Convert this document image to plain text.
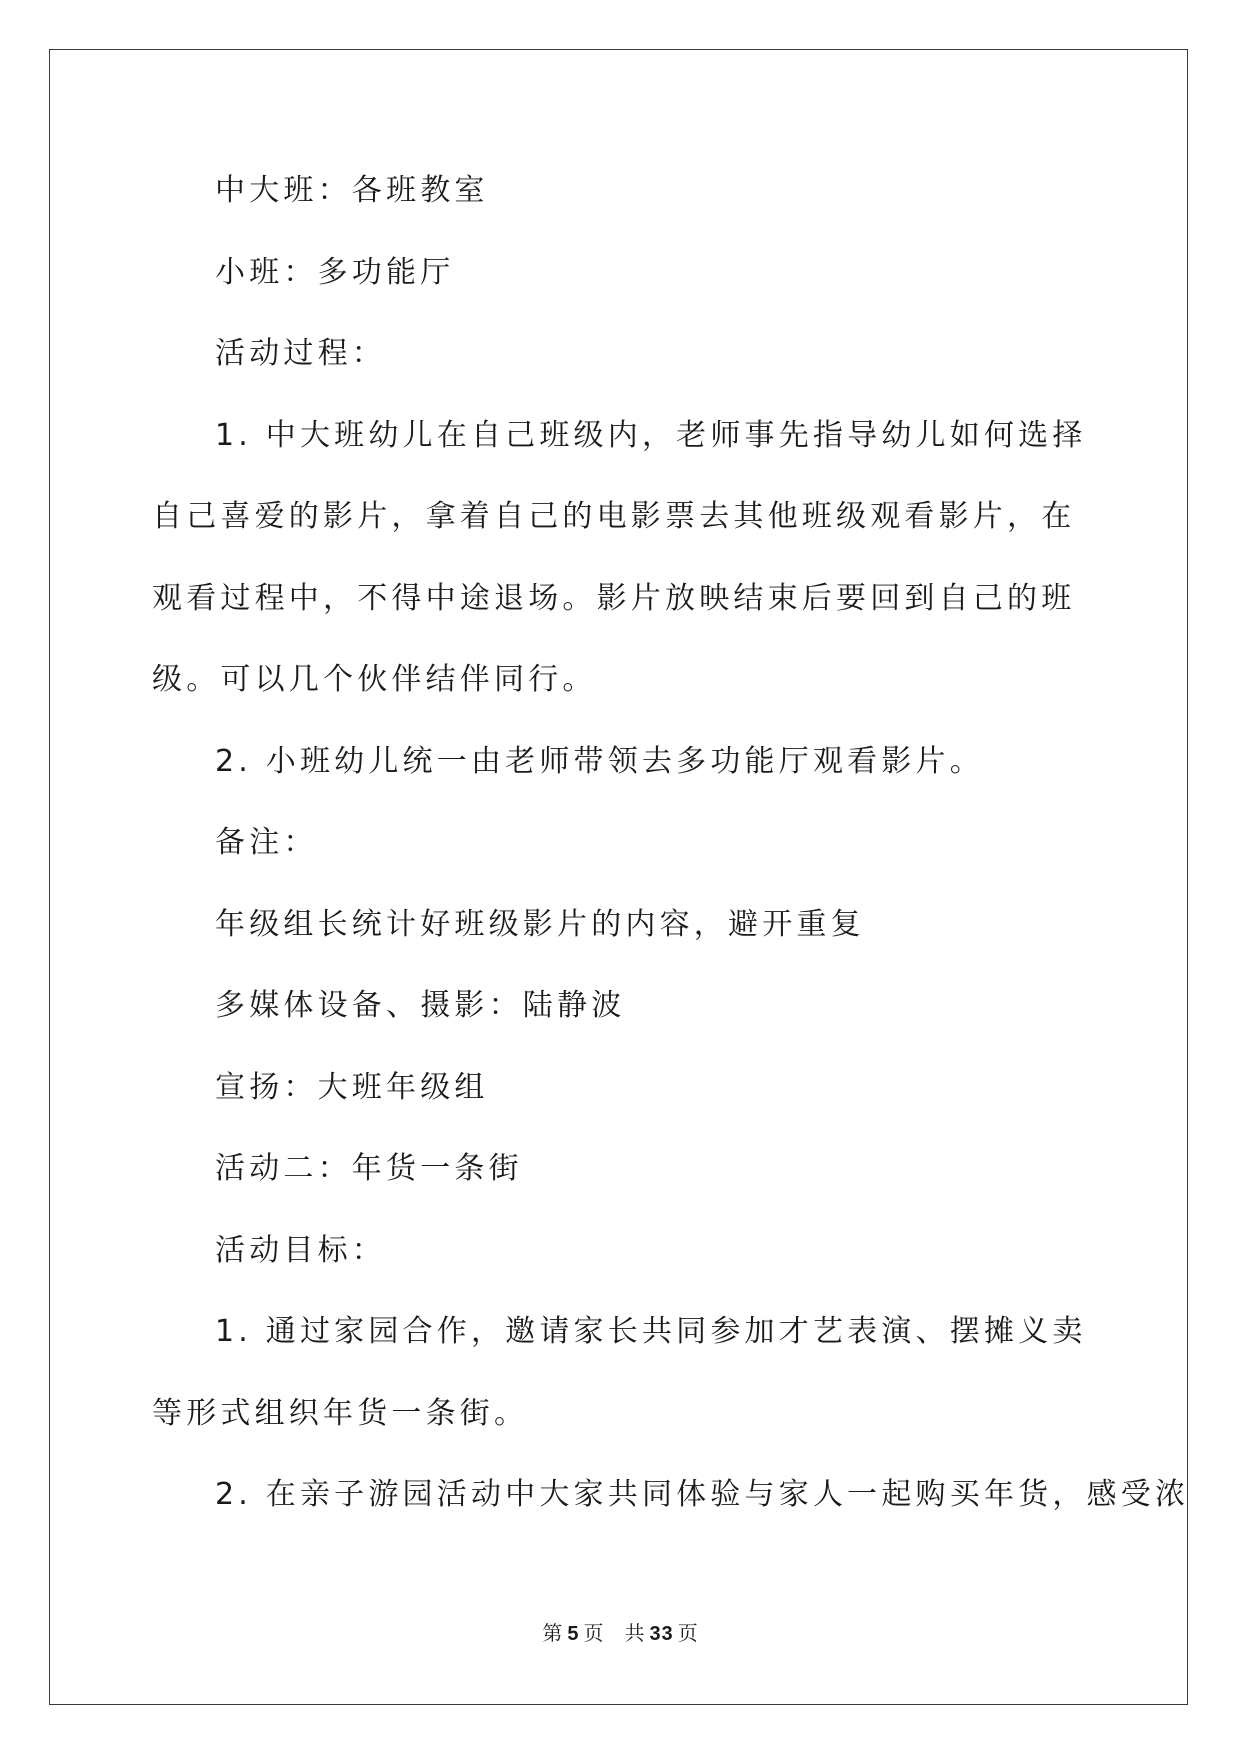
中大班：各班教室

小班：多功能厅

活动过程：

1. 中大班幼儿在自己班级内，老师事先指导幼儿如何选择自己喜爱的影片，拿着自己的电影票去其他班级观看影片，在观看过程中，不得中途退场。影片放映结束后要回到自己的班级。可以几个伙伴结伴同行。

2. 小班幼儿统一由老师带领去多功能厅观看影片。

备注：

年级组长统计好班级影片的内容，避开重复

多媒体设备、摄影：陆静波

宣扬：大班年级组

活动二：年货一条街

活动目标：

1. 通过家园合作，邀请家长共同参加才艺表演、摆摊义卖等形式组织年货一条街。

2. 在亲子游园活动中大家共同体验与家人一起购买年货，感受浓

第 5 页 共 33 页
